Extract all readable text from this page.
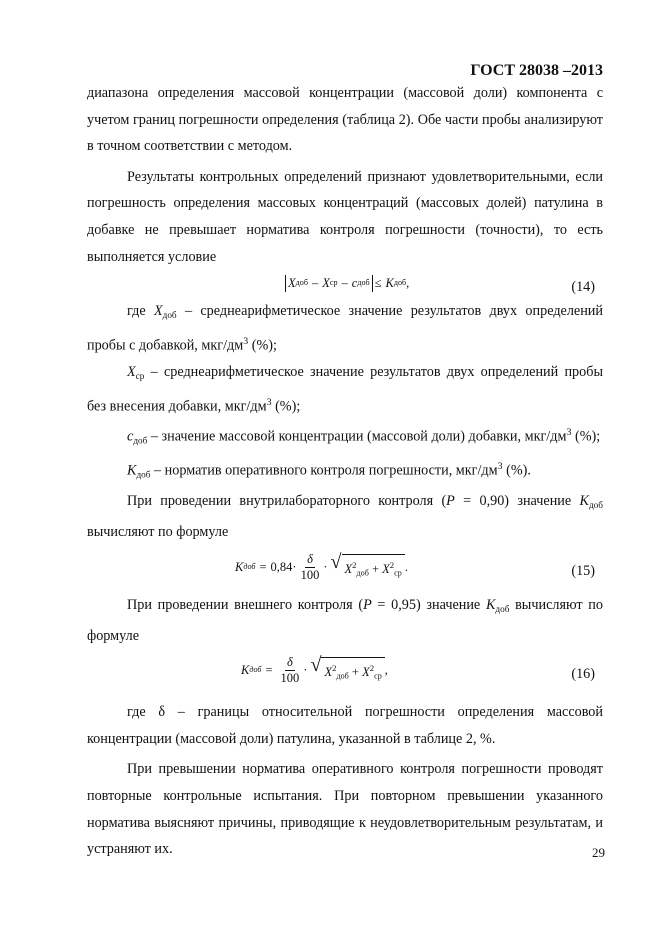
ГОСТ 28038 –2013

диапазона определения массовой концентрации (массовой доли) компонента с учетом границ погрешности определения (таблица 2). Обе части пробы анализируют в точном соответствии с методом.

Результаты контрольных определений признают удовлетворительными, если погрешность определения массовых концентраций (массовых долей) патулина в добавке не превышает норматива контроля погрешности (точности), то есть выполняется условие

X доб – X ср – c доб ≤ K доб ,	(14)

где $X_{доб}$ – среднеарифметическое значение результатов двух определений пробы с добавкой, мкг/$дм^3$ (%);

$X_{ср}$ – среднеарифметическое значение результатов двух определений пробы без внесения добавки, мкг/$дм^3$ (%);

$c_{доб}$ – значение массовой концентрации (массовой доли) добавки, мкг/$дм^3$ (%);

$K_{доб}$ – норматив оперативного контроля погрешности, мкг/$дм^3$ (%).

При проведении внутрилабораторного контроля (P = 0,90) значение $K_{доб}$ вычисляют по формуле

K доб = $0,84\cdot \frac{\delta}{100}$ · √ $X^2_{доб} + X^2_{ср}$ .	(15)

При проведении внешнего контроля (P = 0,95) значение $K_{доб}$ вычисляют по формуле

K доб = $\frac{\delta}{100}$ · √ $X^2_{доб} + X^2_{ср}$ ,	(16)

где δ – границы относительной погрешности определения массовой концентрации (массовой доли) патулина, указанной в таблице 2, %.

При превышении норматива оперативного контроля погрешности проводят повторные контрольные испытания. При повторном превышении указанного норматива выясняют причины, приводящие к неудовлетворительным результатам, и устраняют их.	29
